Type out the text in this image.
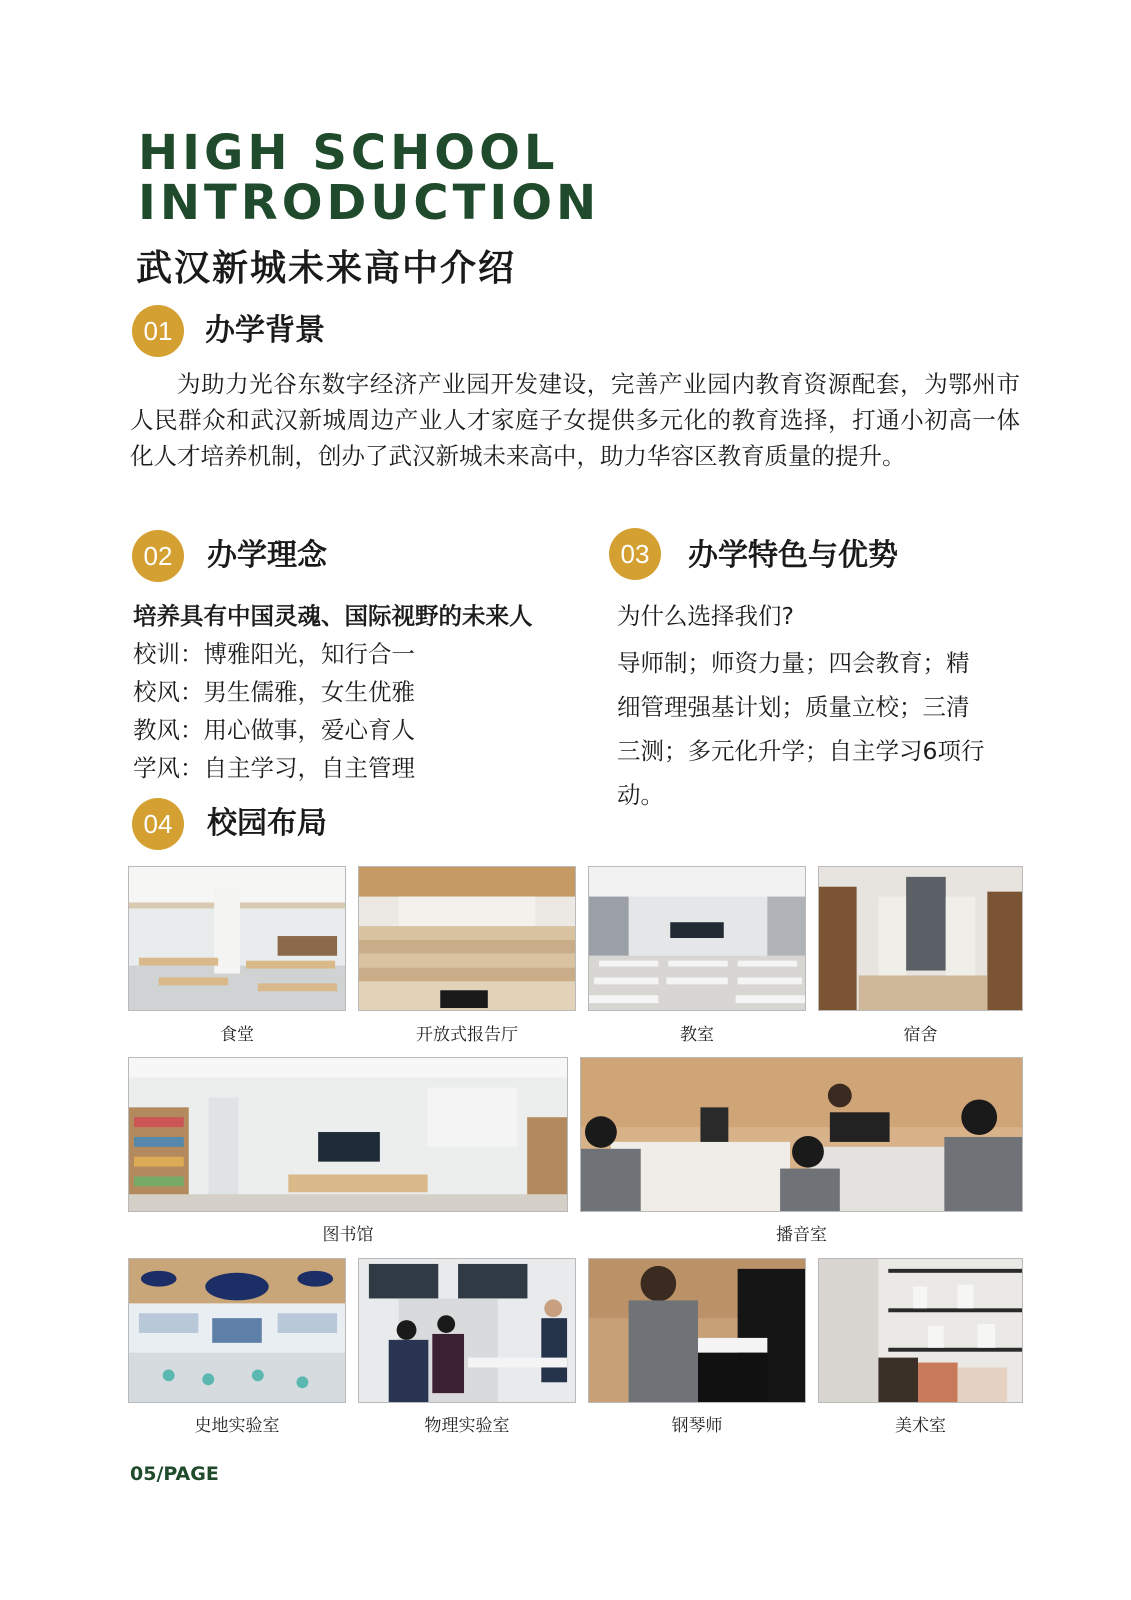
HIGH SCHOOL
INTRODUCTION
武汉新城未来高中介绍
01	办学背景
为助力光谷东数字经济产业园开发建设，完善产业园内教育资源配套，为鄂州市人民群众和武汉新城周边产业人才家庭子女提供多元化的教育选择，打通小初高一体化人才培养机制，创办了武汉新城未来高中，助力华容区教育质量的提升。
02	办学理念
培养具有中国灵魂、国际视野的未来人
校训：博雅阳光，知行合一
校风：男生儒雅，女生优雅
教风：用心做事，爱心育人
学风：自主学习，自主管理
03	办学特色与优势
为什么选择我们?
导师制；师资力量；四会教育；精
细管理强基计划；质量立校；三清
三测；多元化升学；自主学习6项行
动。
04	校园布局
食堂	开放式报告厅	教室	宿舍
图书馆	播音室
史地实验室	物理实验室	钢琴师	美术室
05/PAGE
